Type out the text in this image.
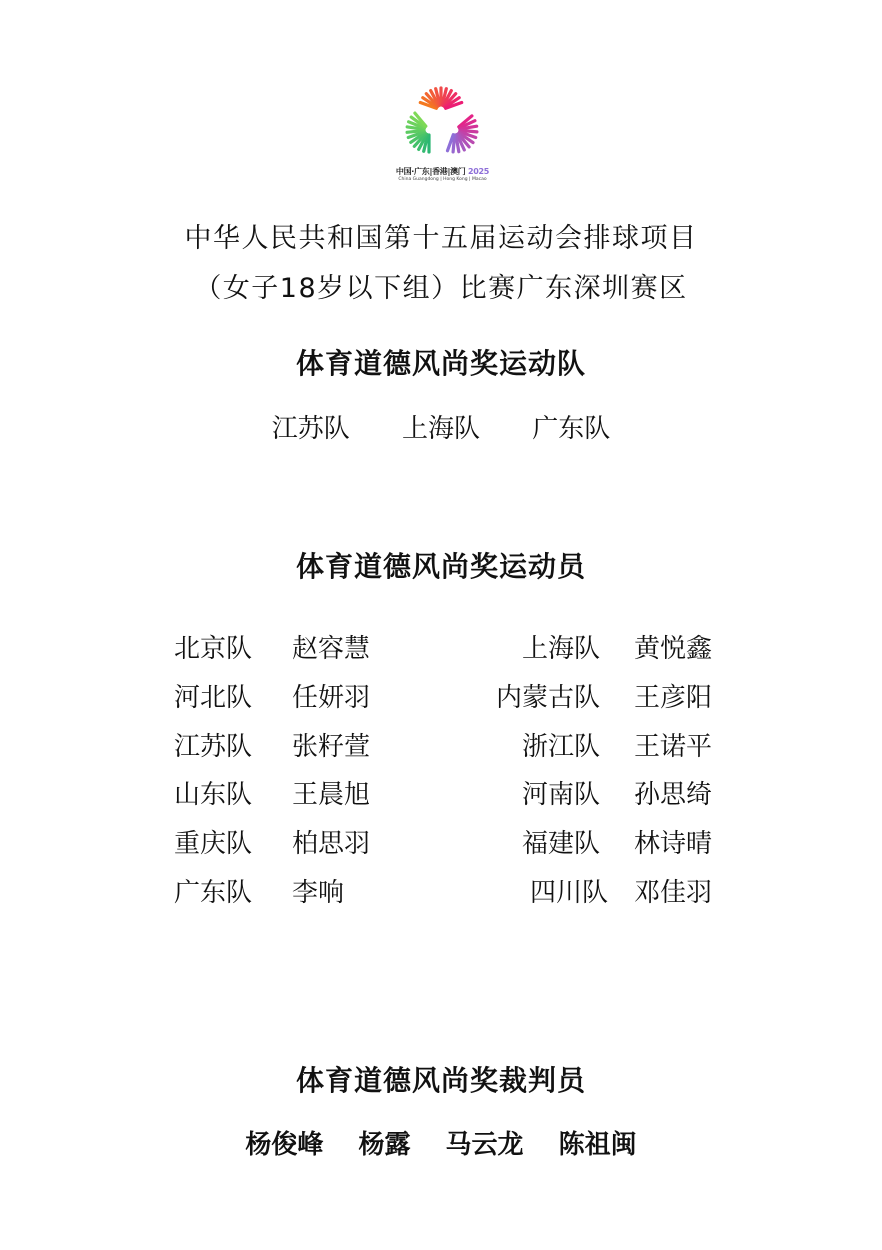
中国·广东|香港|澳门 2025
China Guangdong | Hong Kong | Macao
中华人民共和国第十五届运动会排球项目
（女子18岁以下组）比赛广东深圳赛区
体育道德风尚奖运动队
江苏队 上海队 广东队
体育道德风尚奖运动员
北京队 赵容慧
河北队 任妍羽
江苏队 张籽萱
山东队 王晨旭
重庆队 柏思羽
广东队 李响
上海队 黄悦鑫
内蒙古队 王彦阳
浙江队 王诺平
河南队 孙思绮
福建队 林诗晴
四川队 邓佳羽
体育道德风尚奖裁判员
杨俊峰 杨露 马云龙 陈祖闽
